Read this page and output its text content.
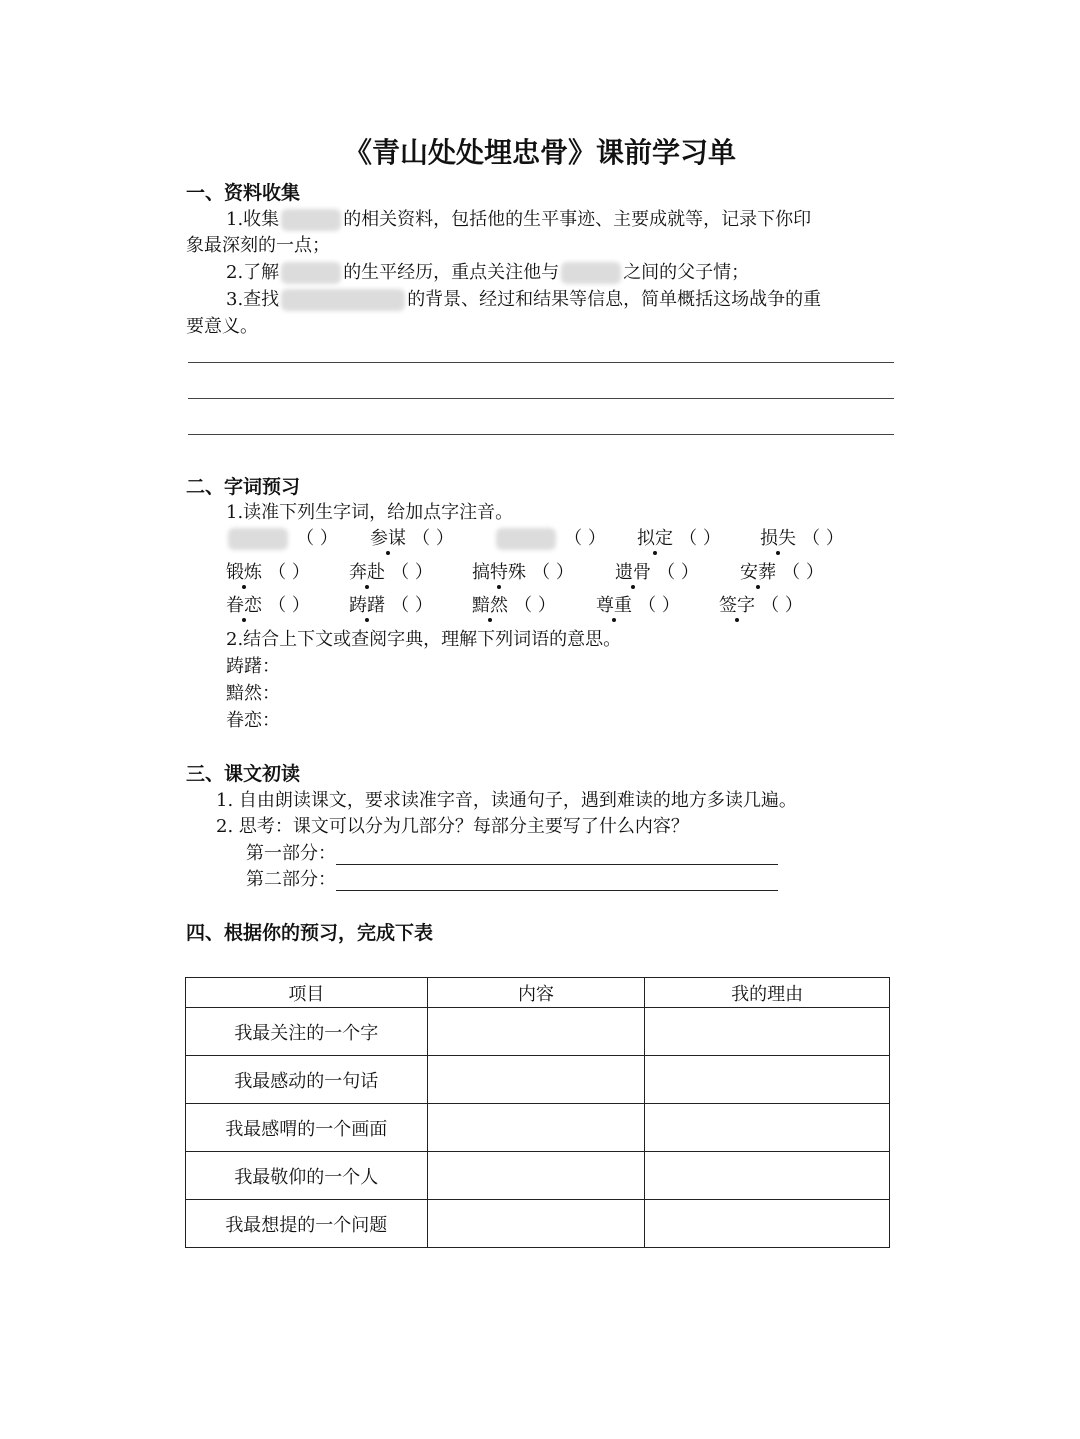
《青山处处埋忠骨》课前学习单
一、资料收集
1.收集	的相关资料，包括他的生平事迹、主要成就等，记录下你印
象最深刻的一点；
2.了解	的生平经历，重点关注他与	之间的父子情；
3.查找	的背景、经过和结果等信息，简单概括这场战争的重
要意义。
二、字词预习
1.读准下列生字词，给加点字注音。
（ ）	参谋 （ ）	（ ）	拟定 （ ）	损失 （ ）
锻炼 （ ）	奔赴 （ ）	搞特殊 （ ）	遗骨 （ ）	安葬 （ ）
眷恋 （ ）	踌躇 （ ）	黯然 （ ）	尊重 （ ）	签字 （ ）
2.结合上下文或查阅字典，理解下列词语的意思。
踌躇：
黯然：
眷恋：
三、课文初读
1. 自由朗读课文，要求读准字音，读通句子，遇到难读的地方多读几遍。
2. 思考：课文可以分为几部分？每部分主要写了什么内容？
第一部分：
第二部分：
四、根据你的预习，完成下表
项目	内容	我的理由
我最关注的一个字		
我最感动的一句话		
我最感喟的一个画面		
我最敬仰的一个人		
我最想提的一个问题		
